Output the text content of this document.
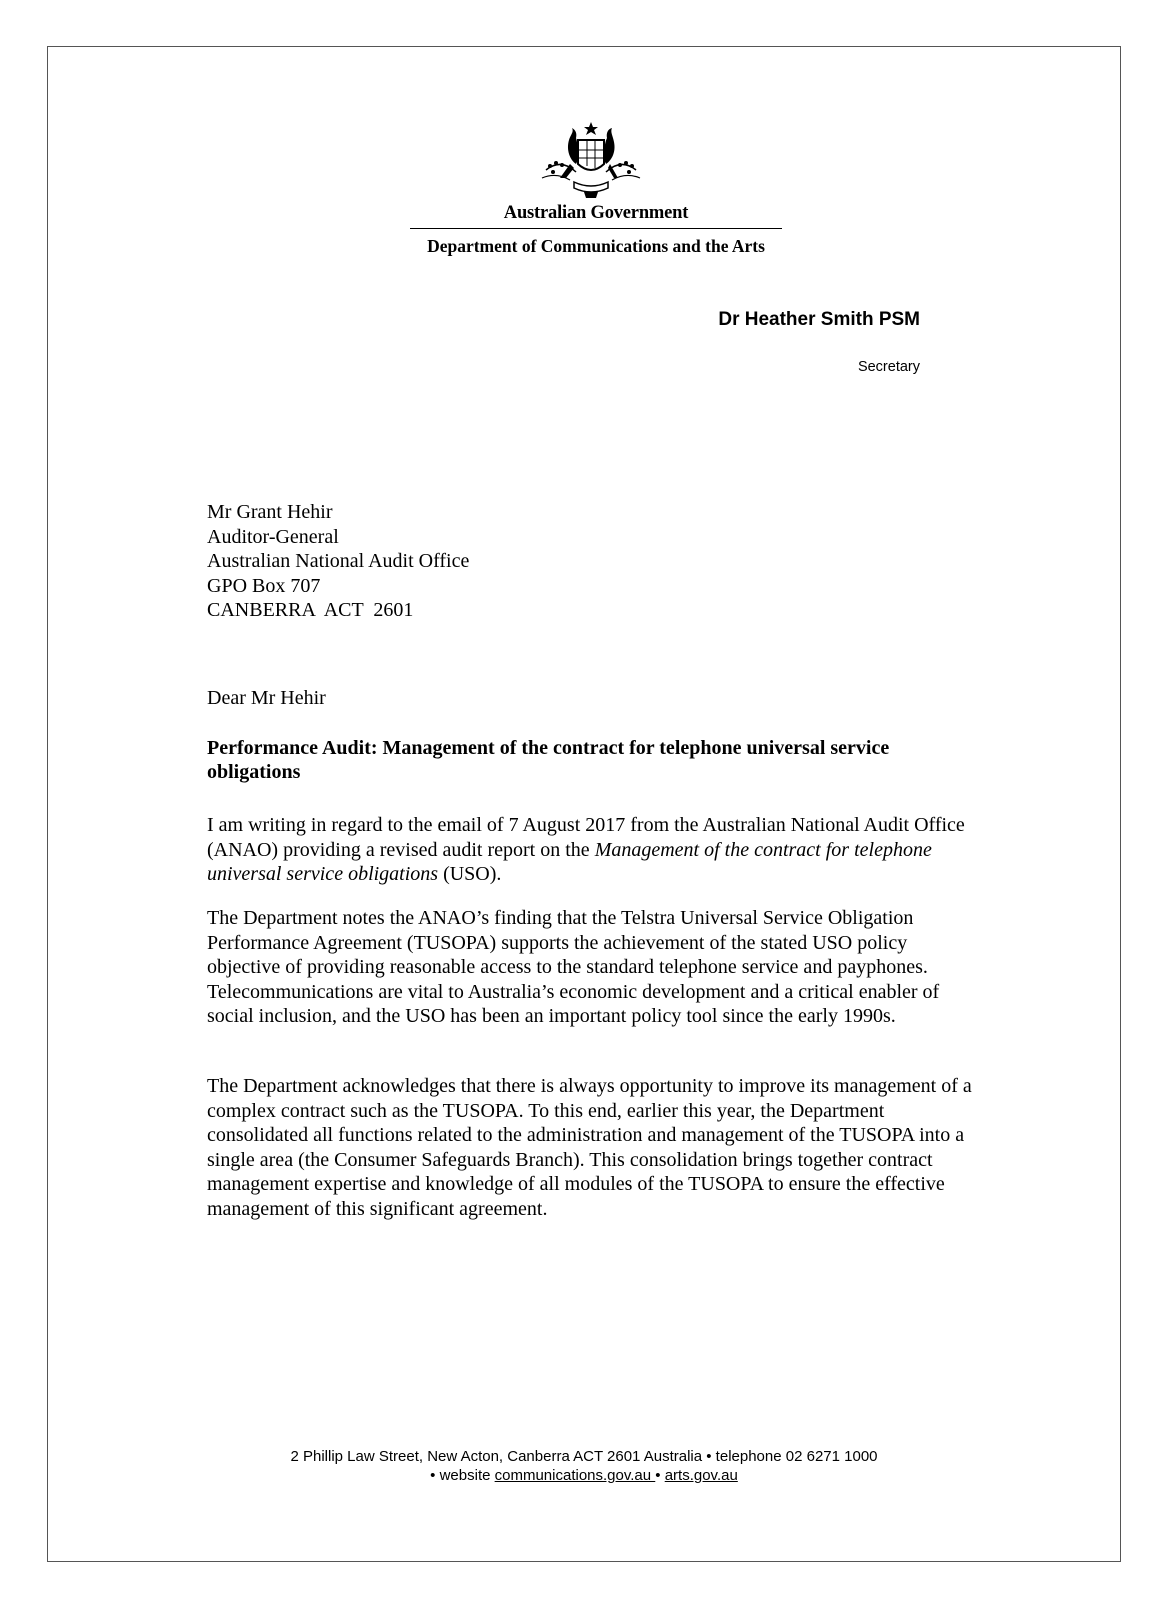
Australian Government
Department of Communications and the Arts
Dr Heather Smith PSM
Secretary
Mr Grant Hehir
Auditor-General
Australian National Audit Office
GPO Box 707
CANBERRA  ACT  2601
Dear Mr Hehir
Performance Audit: Management of the contract for telephone universal service obligations
I am writing in regard to the email of 7 August 2017 from the Australian National Audit Office (ANAO) providing a revised audit report on the Management of the contract for telephone universal service obligations (USO).
The Department notes the ANAO’s finding that the Telstra Universal Service Obligation Performance Agreement (TUSOPA) supports the achievement of the stated USO policy objective of providing reasonable access to the standard telephone service and payphones. Telecommunications are vital to Australia’s economic development and a critical enabler of social inclusion, and the USO has been an important policy tool since the early 1990s.
The Department acknowledges that there is always opportunity to improve its management of a complex contract such as the TUSOPA. To this end, earlier this year, the Department consolidated all functions related to the administration and management of the TUSOPA into a single area (the Consumer Safeguards Branch). This consolidation brings together contract management expertise and knowledge of all modules of the TUSOPA to ensure the effective management of this significant agreement.
2 Phillip Law Street, New Acton, Canberra ACT 2601 Australia • telephone 02 6271 1000
• website communications.gov.au • arts.gov.au
